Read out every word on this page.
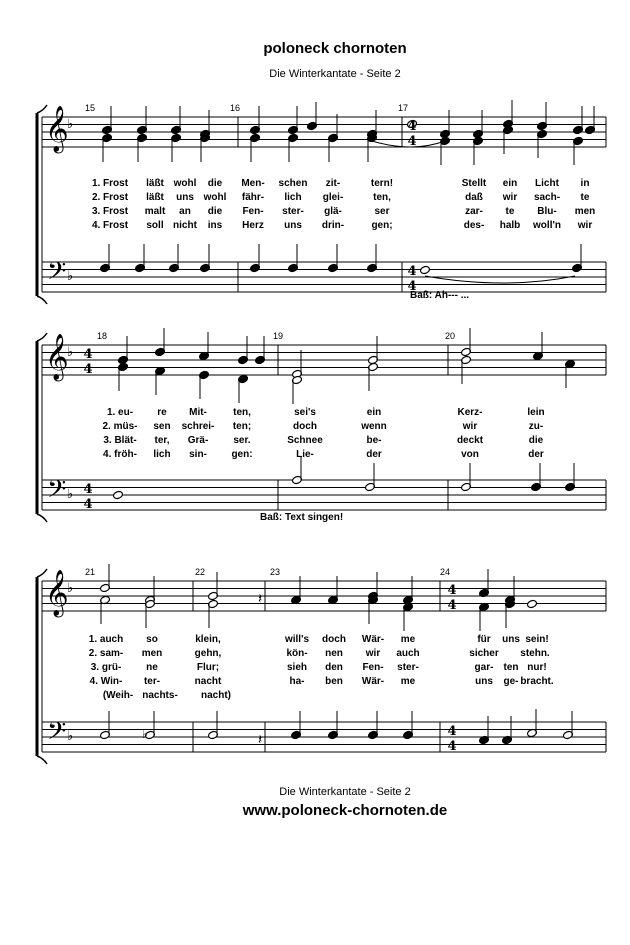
poloneck chornoten
Die Winterkantate - Seite 2
𝄞
𝄢
♭
♭
15	16	17
1. Frost läßt wohl die Men- schen zit-	tern!	Stellt ein Licht in
2. Frost läßt uns wohl fähr- lich glei-	ten,	daß wir sach- te
3. Frost malt an die Fen- ster- glä-	ser	zar- te Blu- men
4. Frost soll nicht ins Herz uns drin-	gen;	des- halb woll'n wir
Baß: Ah--- ...
4
4
4
4
𝄞
𝄢
♭
♭
4
4
4
4
18	19	20
1. eu- re Mit-	ten,	sei's	ein	Kerz-	lein
2. müs- sen schrei- ten;	doch	wenn	wir	zu-
3. Blät- ter, Grä-	ser.	Schnee	be-	deckt	die
4. fröh- lich sin- gen:	Lie-	der	von	der
Baß: Text singen!
𝄞
𝄢
♭
♭
21	22	23	24
1. auch so	klein,	will's doch Wär- me	für uns sein!
2. sam- men	gehn,	kön- nen wir auch	sicher stehn.
3. grü- ne	Flur;	sieh den Fen- ster-	gar- ten nur!
4. Win- ter-	nacht	ha- ben Wär- me	uns ge- bracht.
(Weih- nachts- nacht)
4
4
4
4
♭
𝄽
𝄽
Die Winterkantate - Seite 2
www.poloneck-chornoten.de
